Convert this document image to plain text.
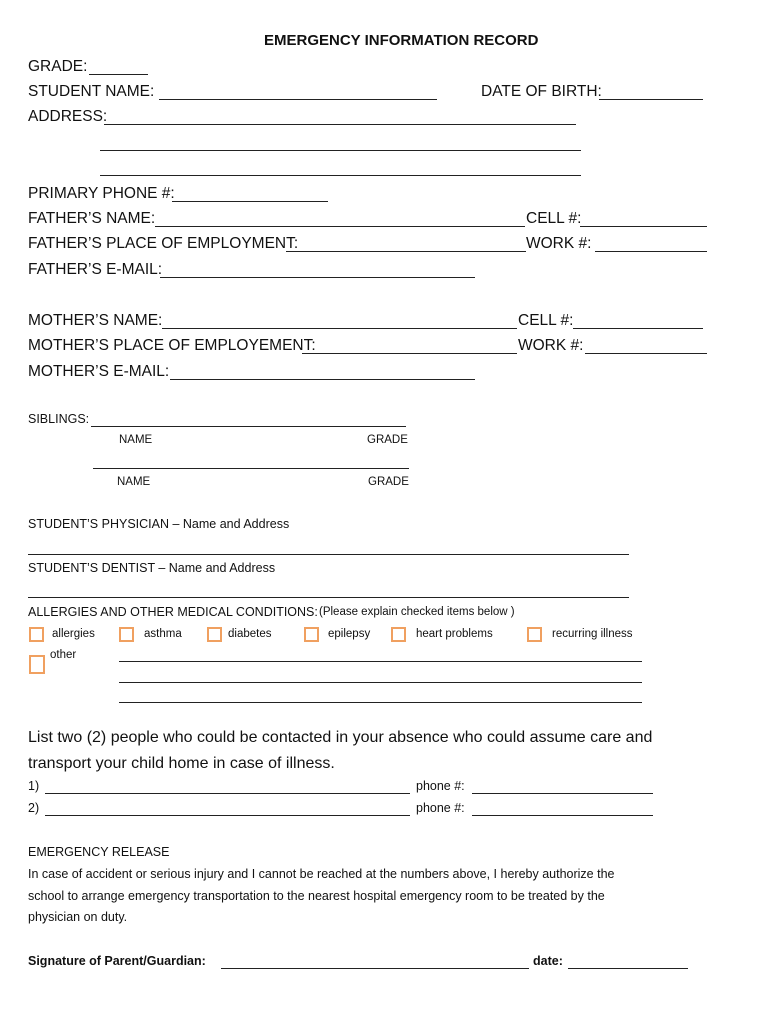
EMERGENCY INFORMATION RECORD
GRADE:
STUDENT NAME:	DATE OF BIRTH:
ADDRESS:
PRIMARY PHONE #:
FATHER’S NAME:	CELL #:
FATHER’S PLACE OF EMPLOYMENT:	WORK #:
FATHER’S E-MAIL:
MOTHER’S NAME:	CELL #:
MOTHER’S PLACE OF EMPLOYEMENT:	WORK #:
MOTHER’S E-MAIL:
SIBLINGS:
NAME	GRADE
NAME	GRADE
STUDENT’S PHYSICIAN – Name and Address
STUDENT’S DENTIST – Name and Address
ALLERGIES AND OTHER MEDICAL CONDITIONS: (Please explain checked items below )
allergies	asthma	diabetes	epilepsy	heart problems	recurring illness
other
List two (2) people who could be contacted in your absence who could assume care and
transport your child home in case of illness.
1)	phone #:
2)	phone #:
EMERGENCY RELEASE
In case of accident or serious injury and I cannot be reached at the numbers above, I hereby authorize the
school to arrange emergency transportation to the nearest hospital emergency room to be treated by the
physician on duty.
Signature of Parent/Guardian:	date:
